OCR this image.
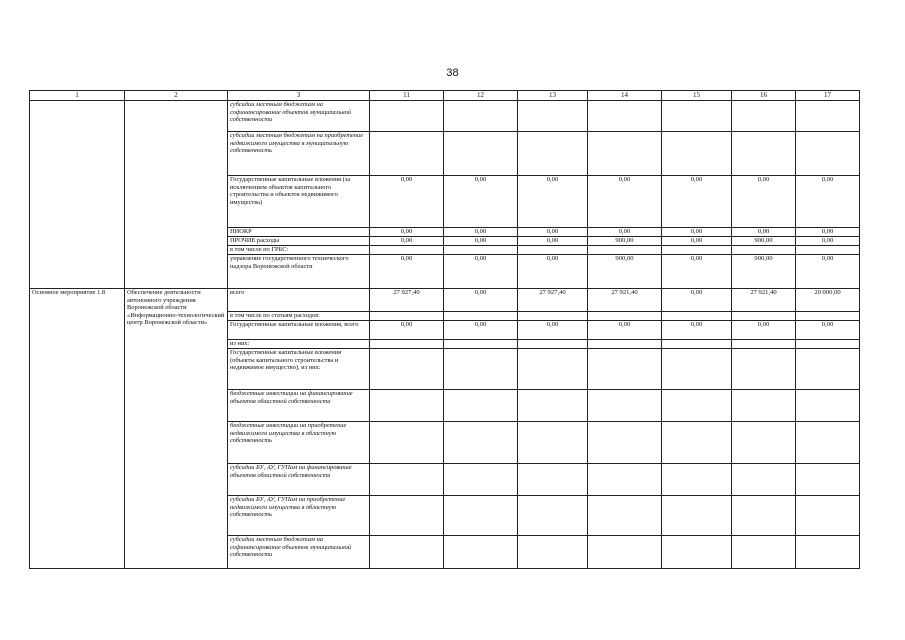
38
1	2	3	11	12	13	14	15	16	17
		субсидии местным бюджетам на софинансирование объектов муниципальной собственности							
		субсидии местным бюджетам на приобретение недвижимого имущества в муниципальную собственность							
		Государственные капитальные вложения (за исключением объектов капитального строительства и объектов недвижимого имущества)	0,00	0,00	0,00	0,00	0,00	0,00	0,00
		НИОКР	0,00	0,00	0,00	0,00	0,00	0,00	0,00
		ПРОЧИЕ расходы	0,00	0,00	0,00	900,00	0,00	900,00	0,00
		в том числе по ГРБС:							
		управление государственного технического надзора Воронежской области	0,00	0,00	0,00	900,00	0,00	900,00	0,00
Основное мероприятие 1.8	Обеспечение деятельности автономного учреждения Воронежской области «Информационно-технологический центр Воронежской области»	всего	27 927,40	0,00	27 927,40	27 921,40	0,00	27 921,40	20 000,00
		в том числе по статьям расходов:							
		Государственные капитальные вложения, всего	0,00	0,00	0,00	0,00	0,00	0,00	0,00
		из них:							
		Государственные капитальные вложения (объекты капитального строительства и недвижимое имущество), из них:							
		бюджетные инвестиции на финансирование объектов областной собственности							
		бюджетные инвестиции на приобретение недвижимого имущества в областную собственность							
		субсидии БУ, АУ, ГУПам на финансирование объектов областной собственности							
		субсидии БУ, АУ, ГУПам на приобретение недвижимого имущества в областную собственность							
		субсидии местным бюджетам на софинансирование объектов муниципальной собственности							
